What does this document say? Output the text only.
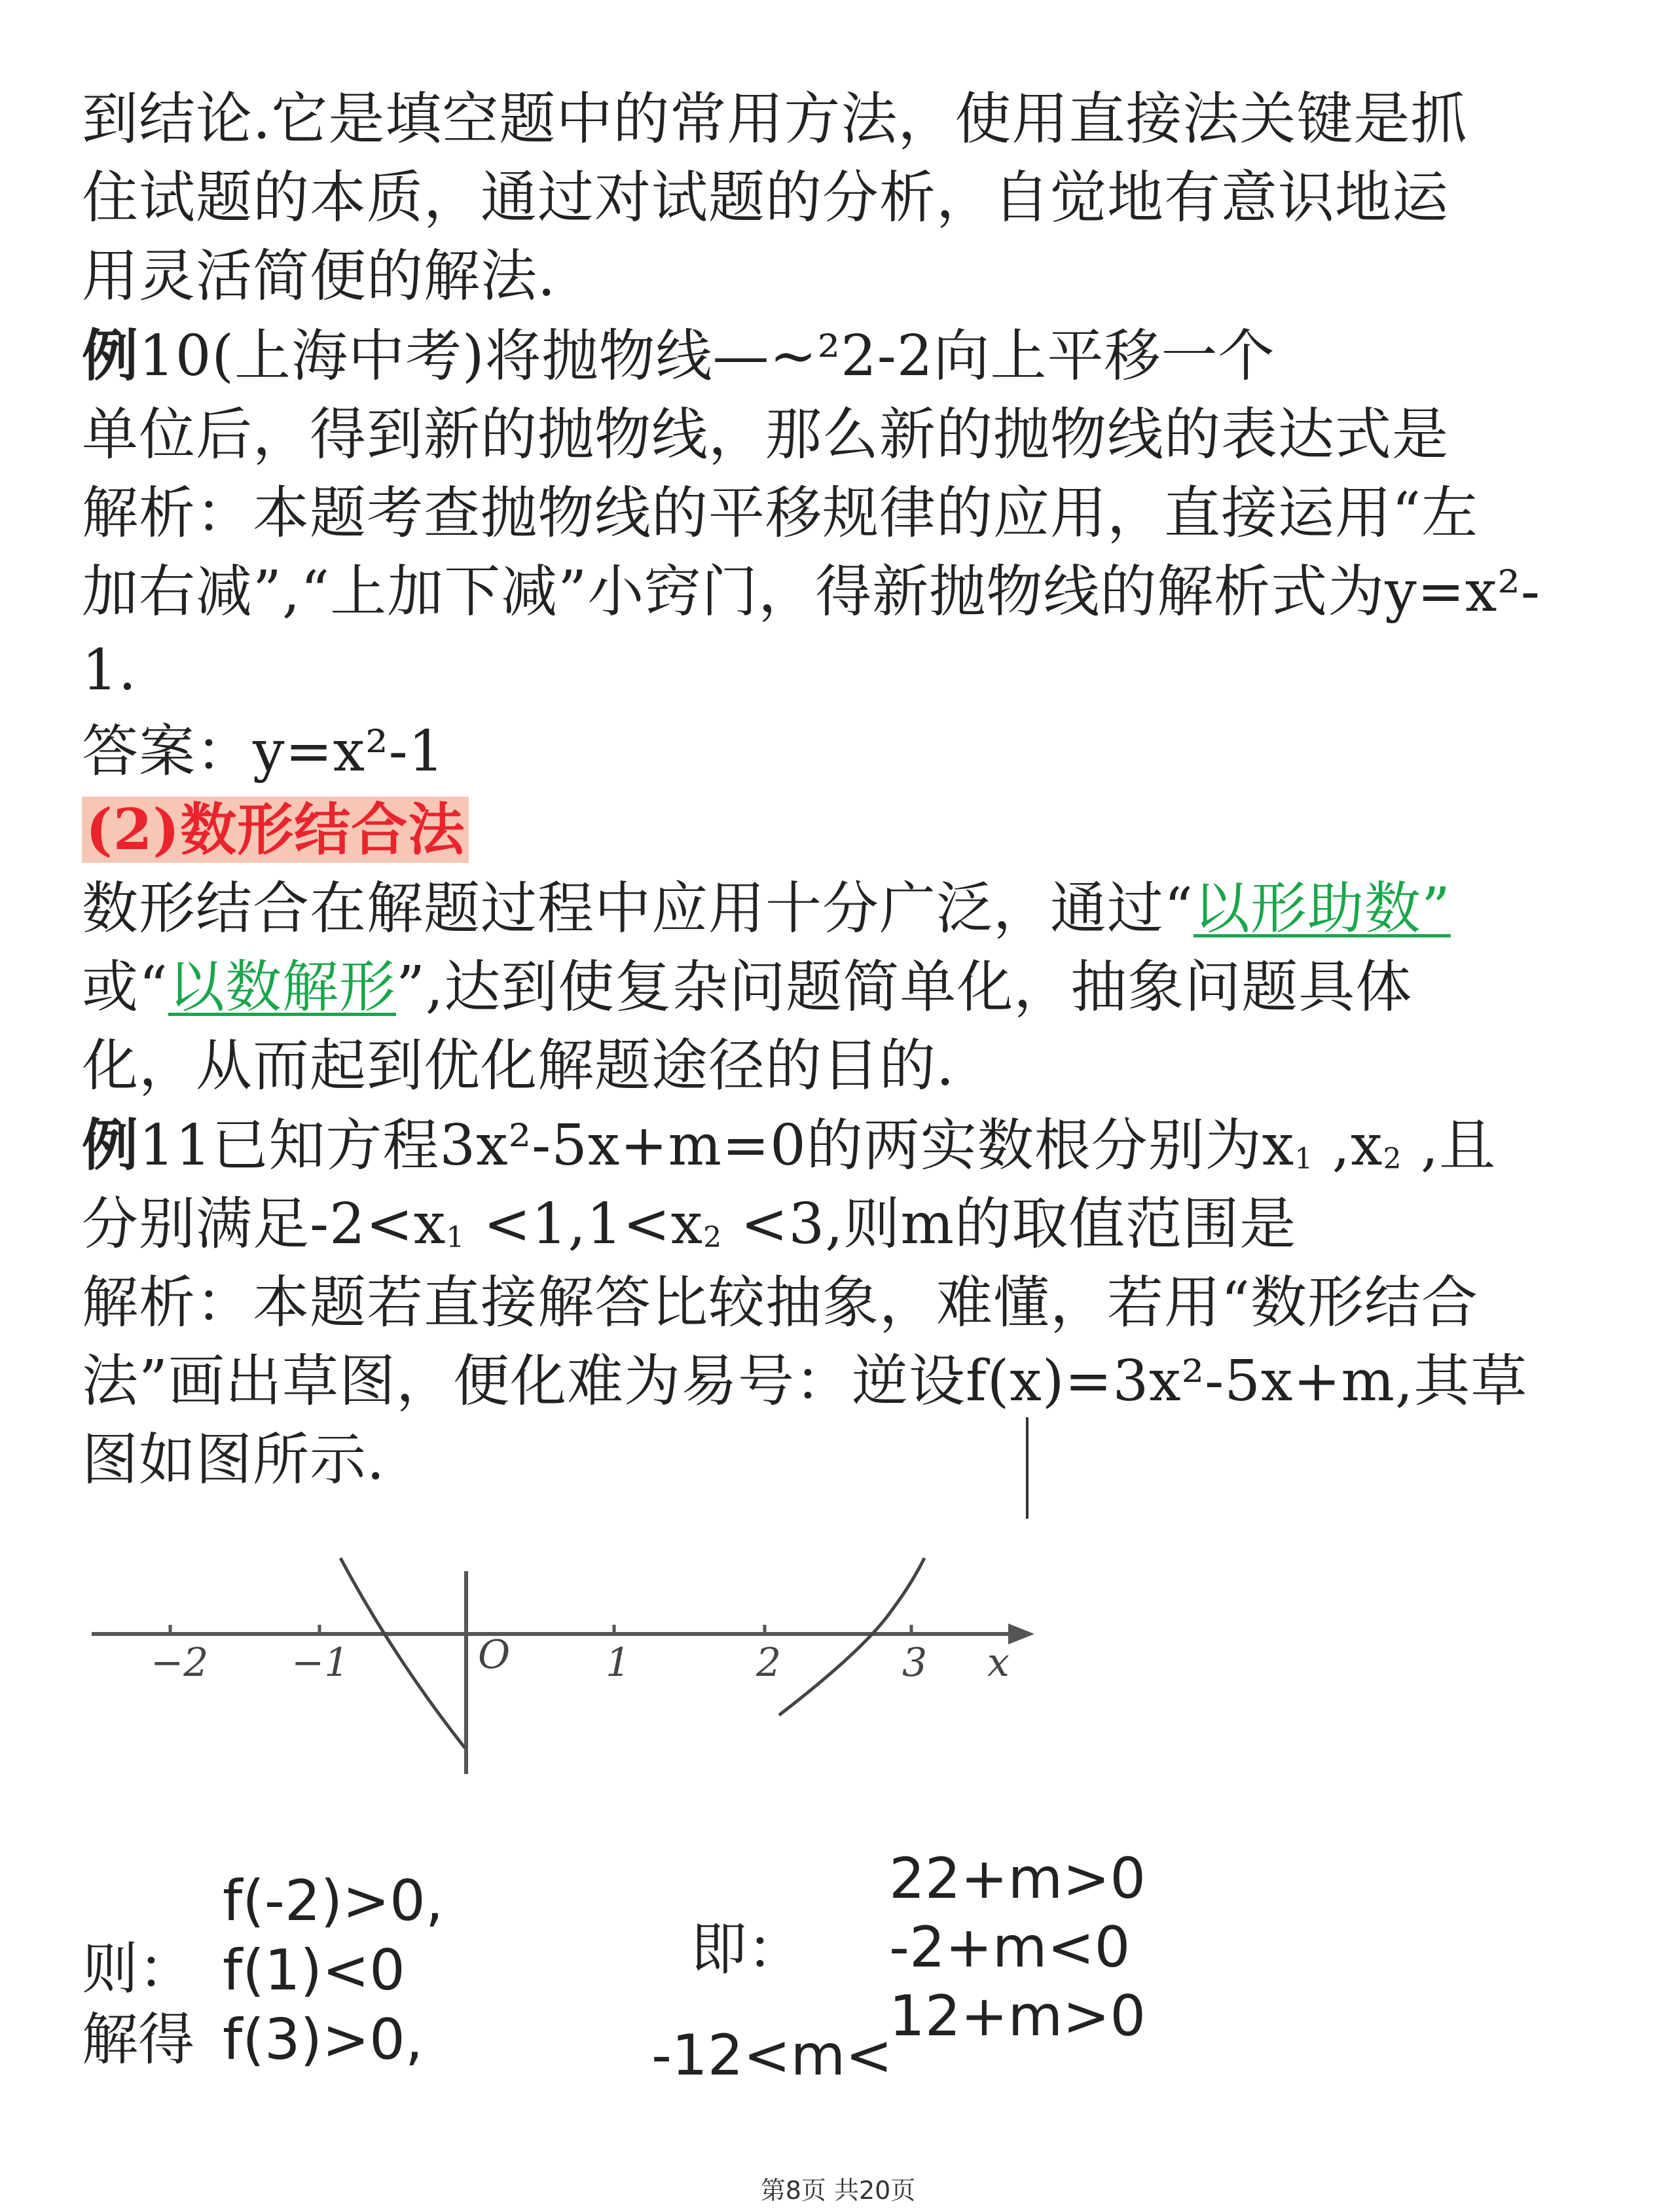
到结论.它是填空题中的常用方法，使用直接法关键是抓
住试题的本质，通过对试题的分析，自觉地有意识地运
用灵活简便的解法.
例10(上海中考)将抛物线—~²2-2向上平移一个
单位后，得到新的抛物线，那么新的抛物线的表达式是
解析：本题考查抛物线的平移规律的应用，直接运用“左
加右减”,“上加下减”小窍门，得新抛物线的解析式为y=x²-
1.
答案：y=x²-1
(2)数形结合法
数形结合在解题过程中应用十分广泛，通过“以形助数”
或“以数解形”,达到使复杂问题简单化，抽象问题具体
化，从而起到优化解题途径的目的.
例11已知方程3x²-5x+m=0的两实数根分别为x1 ,x2 ,且
分别满足-2<x1 <1,1<x2 <3,则m的取值范围是
解析：本题若直接解答比较抽象，难懂，若用“数形结合
法”画出草图，便化难为易号：逆设f(x)=3x²-5x+m,其草
图如图所示.
−2 −1	O 1	2	3 x
f(-2)>0,
则： f(1)<0
解得 f(3)>0,
即：
22+m>0
-2+m<0
12+m>0
-12<m<
第8页 共20页
